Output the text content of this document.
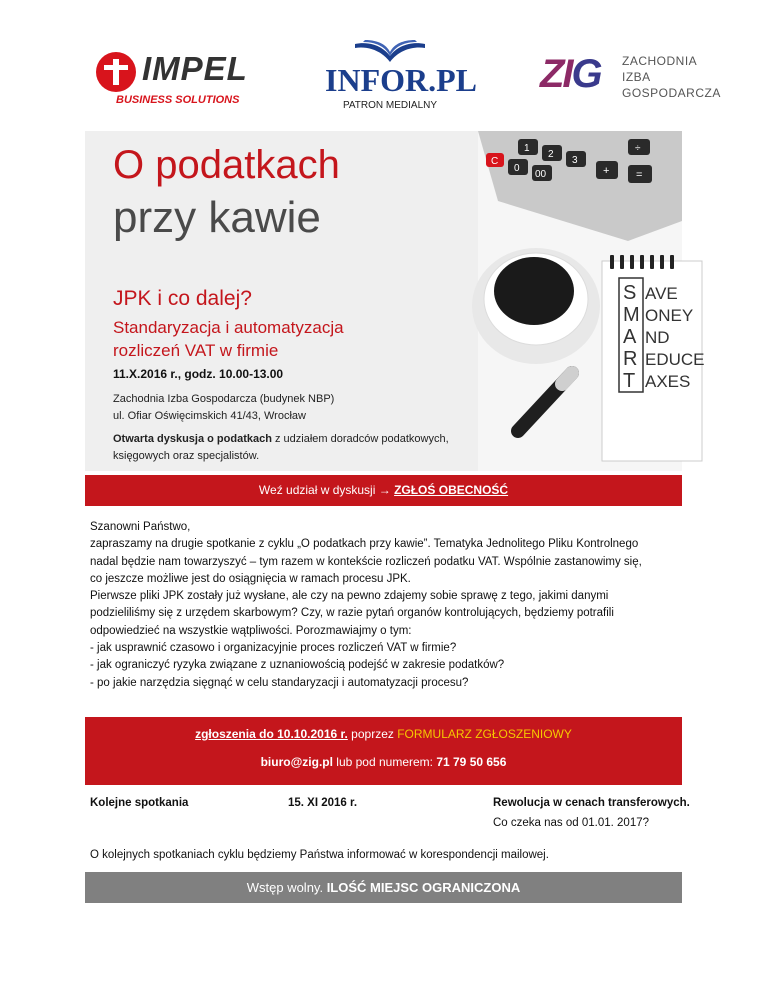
IMPEL
BUSINESS SOLUTIONS
INFOR.PL
PATRON MEDIALNY
ZIG ZACHODNIA
IZBA
GOSPODARCZA
C
0
00
1
2
3
+
÷
=
S
M
A
R
T
AVE
ONEY
ND
EDUCE
AXES
O podatkach
przy kawie
JPK i co dalej?
Standaryzacja i automatyzacja
rozliczeń VAT w firmie
11.X.2016 r., godz. 10.00-13.00
Zachodnia Izba Gospodarcza (budynek NBP)
ul. Ofiar Oświęcimskich 41/43, Wrocław
Otwarta dyskusja o podatkach z udziałem doradców podatkowych, księgowych oraz specjalistów.
Weź udział w dyskusji → ZGŁOŚ OBECNOŚĆ

Szanowni Państwo,

zapraszamy na drugie spotkanie z cyklu „O podatkach przy kawie”. Tematyka Jednolitego Pliku Kontrolnego

nadal będzie nam towarzyszyć – tym razem w kontekście rozliczeń podatku VAT. Wspólnie zastanowimy się,

co jeszcze możliwe jest do osiągnięcia w ramach procesu JPK.

Pierwsze pliki JPK zostały już wysłane, ale czy na pewno zdajemy sobie sprawę z tego, jakimi danymi

podzieliliśmy się z urzędem skarbowym? Czy, w razie pytań organów kontrolujących, będziemy potrafili

odpowiedzieć na wszystkie wątpliwości. Porozmawiajmy o tym:

- jak usprawnić czasowo i organizacyjnie proces rozliczeń VAT w firmie?

- jak ograniczyć ryzyka związane z uznaniowością podejść w zakresie podatków?

- po jakie narzędzia sięgnąć w celu standaryzacji i automatyzacji procesu?

zgłoszenia do 10.10.2016 r. poprzez FORMULARZ ZGŁOSZENIOWY
biuro@zig.pl lub pod numerem: 71 79 50 656
Kolejne spotkania	15. XI 2016 r.	Rewolucja w cenach transferowych.
Co czeka nas od 01.01. 2017?
O kolejnych spotkaniach cyklu będziemy Państwa informować w korespondencji mailowej.
Wstęp wolny. ILOŚĆ MIEJSC OGRANICZONA
